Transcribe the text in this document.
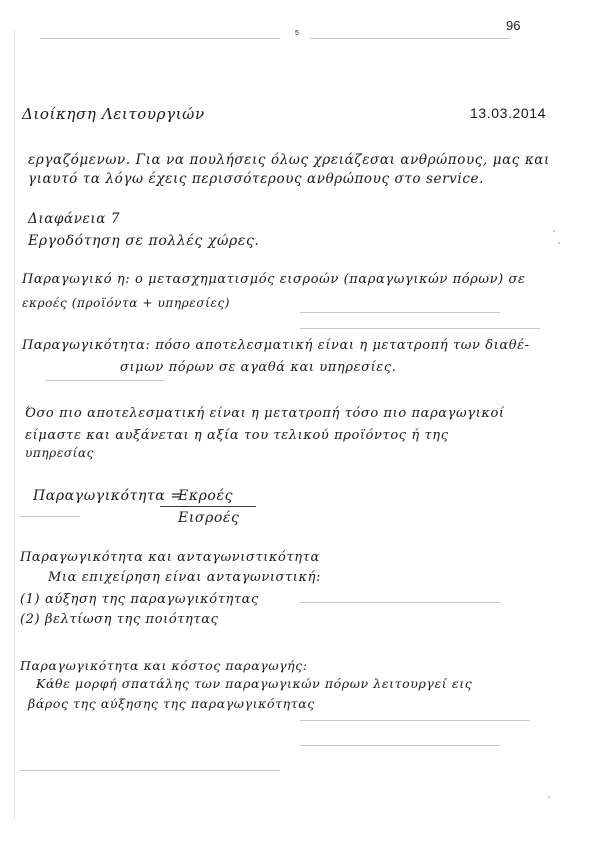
96
5
Διοίκηση Λειτουργιών	13.03.2014
εργαζόμενων. Για να πουλήσεις όλως χρειάζεσαι ανθρώπους, μας και
γιαυτό τα λόγω έχεις περισσότερους ανθρώπους στο service.
Διαφάνεια 7
Εργοδότηση σε πολλές χώρες.
Παραγωγικό η: ο μετασχηματισμός εισροών (παραγωγικών πόρων) σε
εκροές (προϊόντα + υπηρεσίες)
Παραγωγικότητα: πόσο αποτελεσματική είναι η μετατροπή των διαθέ-
σιμων πόρων σε αγαθά και υπηρεσίες.
Όσο πιο αποτελεσματική είναι η μετατροπή τόσο πιο παραγωγικοί
είμαστε και αυξάνεται η αξία του τελικού προϊόντος ή της
υπηρεσίας
Παραγωγικότητα =
Εκροές
Εισροές
Παραγωγικότητα και ανταγωνιστικότητα
Μια επιχείρηση είναι ανταγωνιστική:
(1) αύξηση της παραγωγικότητας
(2) βελτίωση της ποιότητας
Παραγωγικότητα και κόστος παραγωγής:
Κάθε μορφή σπατάλης των παραγωγικών πόρων λειτουργεί εις
βάρος της αύξησης της παραγωγικότητας
